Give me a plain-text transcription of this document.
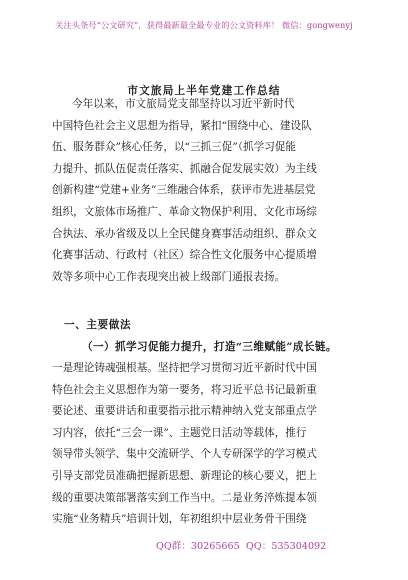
关注头条号“公文研究”，获得最新最全最专业的公文资料库！ 微信：gongwenyj
市文旅局上半年党建工作总结
今年以来，市文旅局党支部坚持以习近平新时代
中国特色社会主义思想为指导，紧扣“围绕中心、建设队
伍、服务群众”核心任务，以“三抓三促”（抓学习促能
力提升、抓队伍促责任落实、抓融合促发展实效）为主线
创新构建“党建+业务”三维融合体系，获评市先进基层党
组织，文旅体市场推广、革命文物保护利用、文化市场综
合执法、承办省级及以上全民健身赛事活动组织、群众文
化赛事活动、行政村（社区）综合性文化服务中心提质增
效等多项中心工作表现突出被上级部门通报表扬。
一、主要做法
（一）抓学习促能力提升，打造“三维赋能”成长链。
一是理论铸魂强根基。坚持把学习贯彻习近平新时代中国
特色社会主义思想作为第一要务，将习近平总书记最新重
要论述、重要讲话和重要指示批示精神纳入党支部重点学
习内容，依托“三会一课”、主题党日活动等载体，推行
领导带头领学、集中交流研学、个人专研深学的学习模式
引导支部党员准确把握新思想、新理论的核心要义，把上
级的重要决策部署落实到工作当中。二是业务淬炼提本领
实施“业务精兵”培训计划，年初组织中层业务骨干围绕
QQ群：30265665 QQ：535304092
